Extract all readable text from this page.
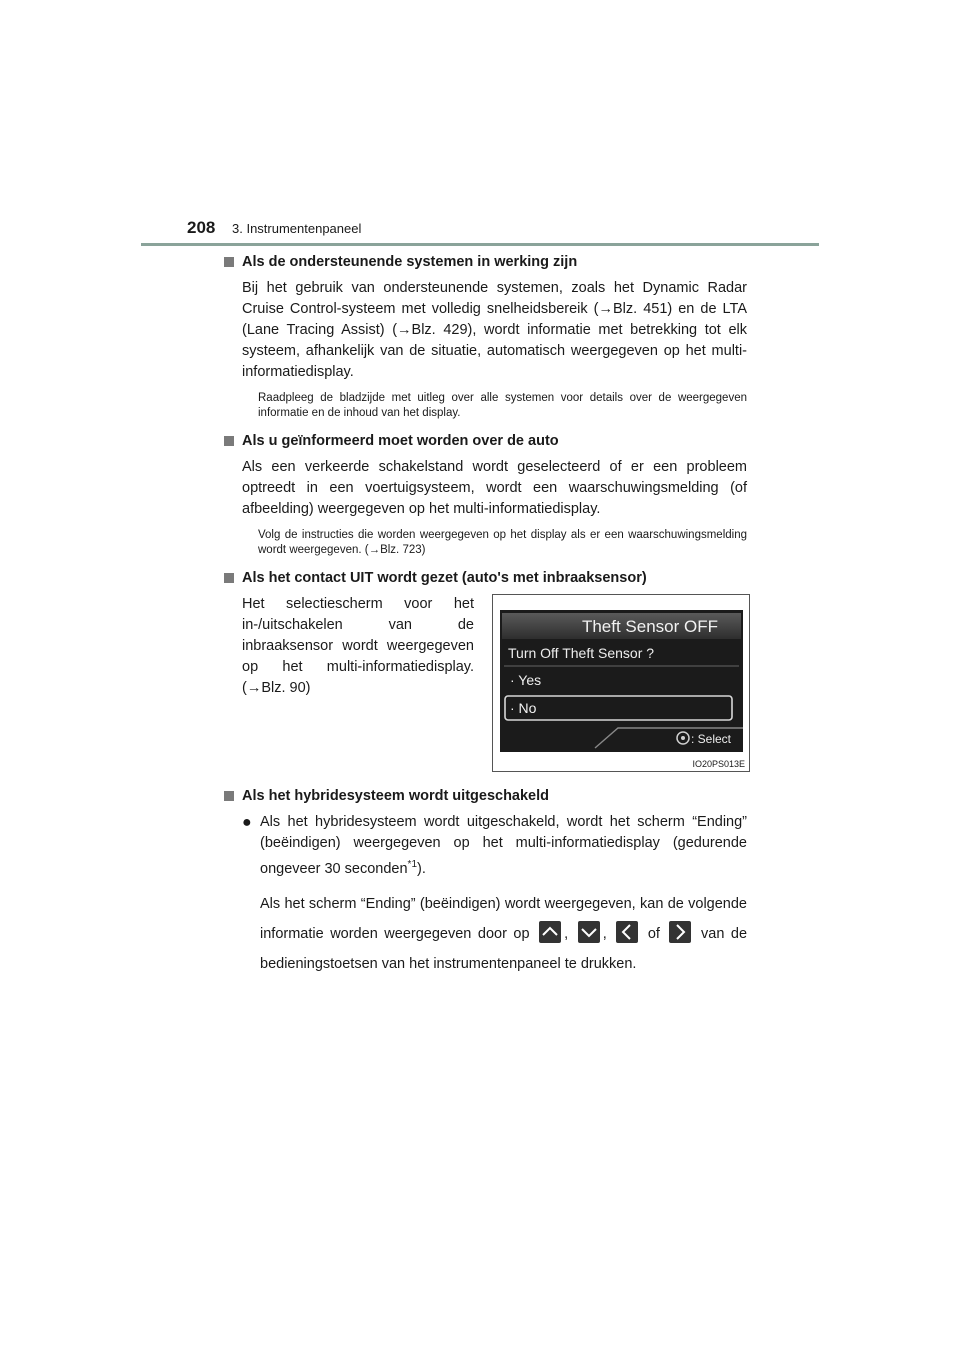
208 3. Instrumentenpaneel
Als de ondersteunende systemen in werking zijn
Bij het gebruik van ondersteunende systemen, zoals het Dynamic Radar Cruise Control-systeem met volledig snelheidsbereik (→Blz. 451) en de LTA (Lane Tracing Assist) (→Blz. 429), wordt informatie met betrekking tot elk systeem, afhankelijk van de situatie, automatisch weergegeven op het multi-informatiedisplay.
Raadpleeg de bladzijde met uitleg over alle systemen voor details over de weergegeven informatie en de inhoud van het display.
Als u geïnformeerd moet worden over de auto
Als een verkeerde schakelstand wordt geselecteerd of er een probleem optreedt in een voertuigsysteem, wordt een waarschuwingsmelding (of afbeelding) weergegeven op het multi-informatiedisplay.
Volg de instructies die worden weergegeven op het display als er een waarschuwingsmelding wordt weergegeven. (→Blz. 723)
Als het contact UIT wordt gezet (auto's met inbraaksensor)
Het selectiescherm voor het in-/uitschakelen van de inbraaksensor wordt weergegeven op het multi-informatiedisplay. (→Blz. 90)
Theft Sensor OFF
Turn Off Theft Sensor ?
· Yes
· No
: Select
IO20PS013E
Als het hybridesysteem wordt uitgeschakeld
● Als het hybridesysteem wordt uitgeschakeld, wordt het scherm “Ending” (beëindigen) weergegeven op het multi-informatiedisplay (gedurende ongeveer 30 seconden$^{*1}$).
Als het scherm “Ending” (beëindigen) wordt weergegeven, kan de volgende informatie worden weergegeven door op , ,	of	van de bedieningstoetsen van het instrumentenpaneel te drukken.
